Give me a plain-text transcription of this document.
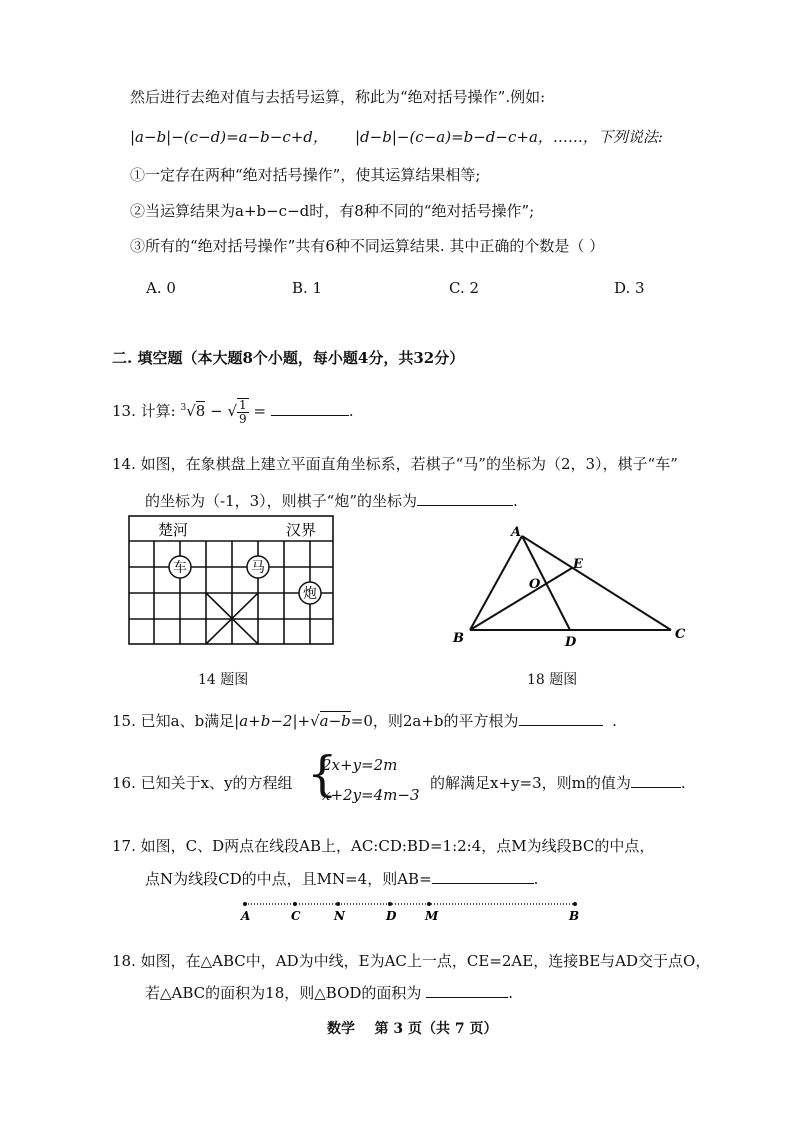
然后进行去绝对值与去括号运算，称此为“绝对括号操作”.例如:
|a−b|−(c−d)=a−b−c+d， |d−b|−(c−a)=b−d−c+a，……，下列说法:
①一定存在两种“绝对括号操作”，使其运算结果相等;
②当运算结果为a+b−c−d时，有8种不同的“绝对括号操作”;
③所有的“绝对括号操作”共有6种不同运算结果. 其中正确的个数是（ ）
A. 0	B. 1	C. 2	D. 3
二. 填空题（本大题8个小题，每小题4分，共32分）
13. 计算: $^3$√8 − √ $\frac{1}{9}$ =	.
14. 如图，在象棋盘上建立平面直角坐标系，若棋子“马”的坐标为（2，3），棋子“车”
的坐标为（-1，3），则棋子“炮”的坐标为	.
楚河	汉界
车	马
炮
14 题图
A
E
O
B	D
C
18 题图
15. 已知a、b满足|a+b−2|+√a−b=0，则2a+b的平方根为	.
16. 已知关于x、y的方程组 {
2x+y=2m
x+2y=4m−3
的解满足x+y=3，则m的值为	.
17. 如图，C、D两点在线段AB上，AC:CD:BD=1:2:4，点M为线段BC的中点，
点N为线段CD的中点，且MN=4，则AB=	.
A	C	N	D M	B
18. 如图，在△ABC中，AD为中线，E为AC上一点，CE=2AE，连接BE与AD交于点O，
若△ABC的面积为18，则△BOD的面积为	.
数学    第 3 页（共 7 页）
